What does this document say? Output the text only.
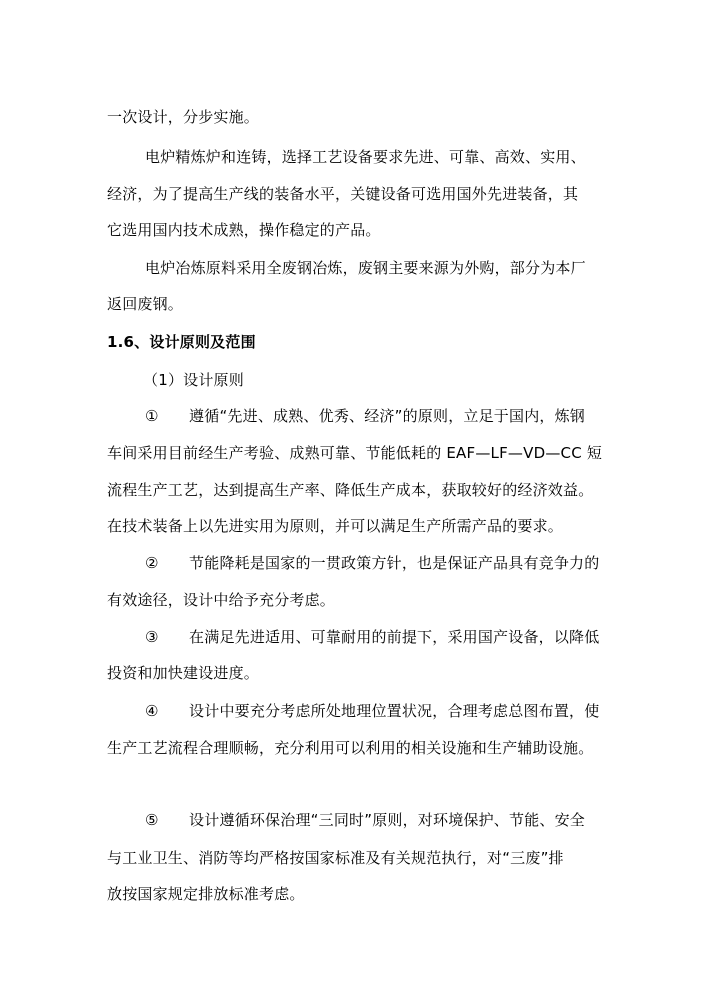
一次设计，分步实施。
电炉精炼炉和连铸，选择工艺设备要求先进、可靠、高效、实用、
经济，为了提高生产线的装备水平，关键设备可选用国外先进装备，其
它选用国内技术成熟，操作稳定的产品。
电炉冶炼原料采用全废钢冶炼，废钢主要来源为外购，部分为本厂
返回废钢。
1.6、设计原则及范围
（1）设计原则
①　　遵循“先进、成熟、优秀、经济”的原则，立足于国内，炼钢
车间采用目前经生产考验、成熟可靠、节能低耗的 EAF—LF—VD—CC 短
流程生产工艺，达到提高生产率、降低生产成本，获取较好的经济效益。
在技术装备上以先进实用为原则，并可以满足生产所需产品的要求。
②　　节能降耗是国家的一贯政策方针，也是保证产品具有竞争力的
有效途径，设计中给予充分考虑。
③　　在满足先进适用、可靠耐用的前提下，采用国产设备，以降低
投资和加快建设进度。
④　　设计中要充分考虑所处地理位置状况，合理考虑总图布置，使
生产工艺流程合理顺畅，充分利用可以利用的相关设施和生产辅助设施。
⑤　　设计遵循环保治理“三同时”原则，对环境保护、节能、安全
与工业卫生、消防等均严格按国家标准及有关规范执行，对“三废”排
放按国家规定排放标准考虑。
